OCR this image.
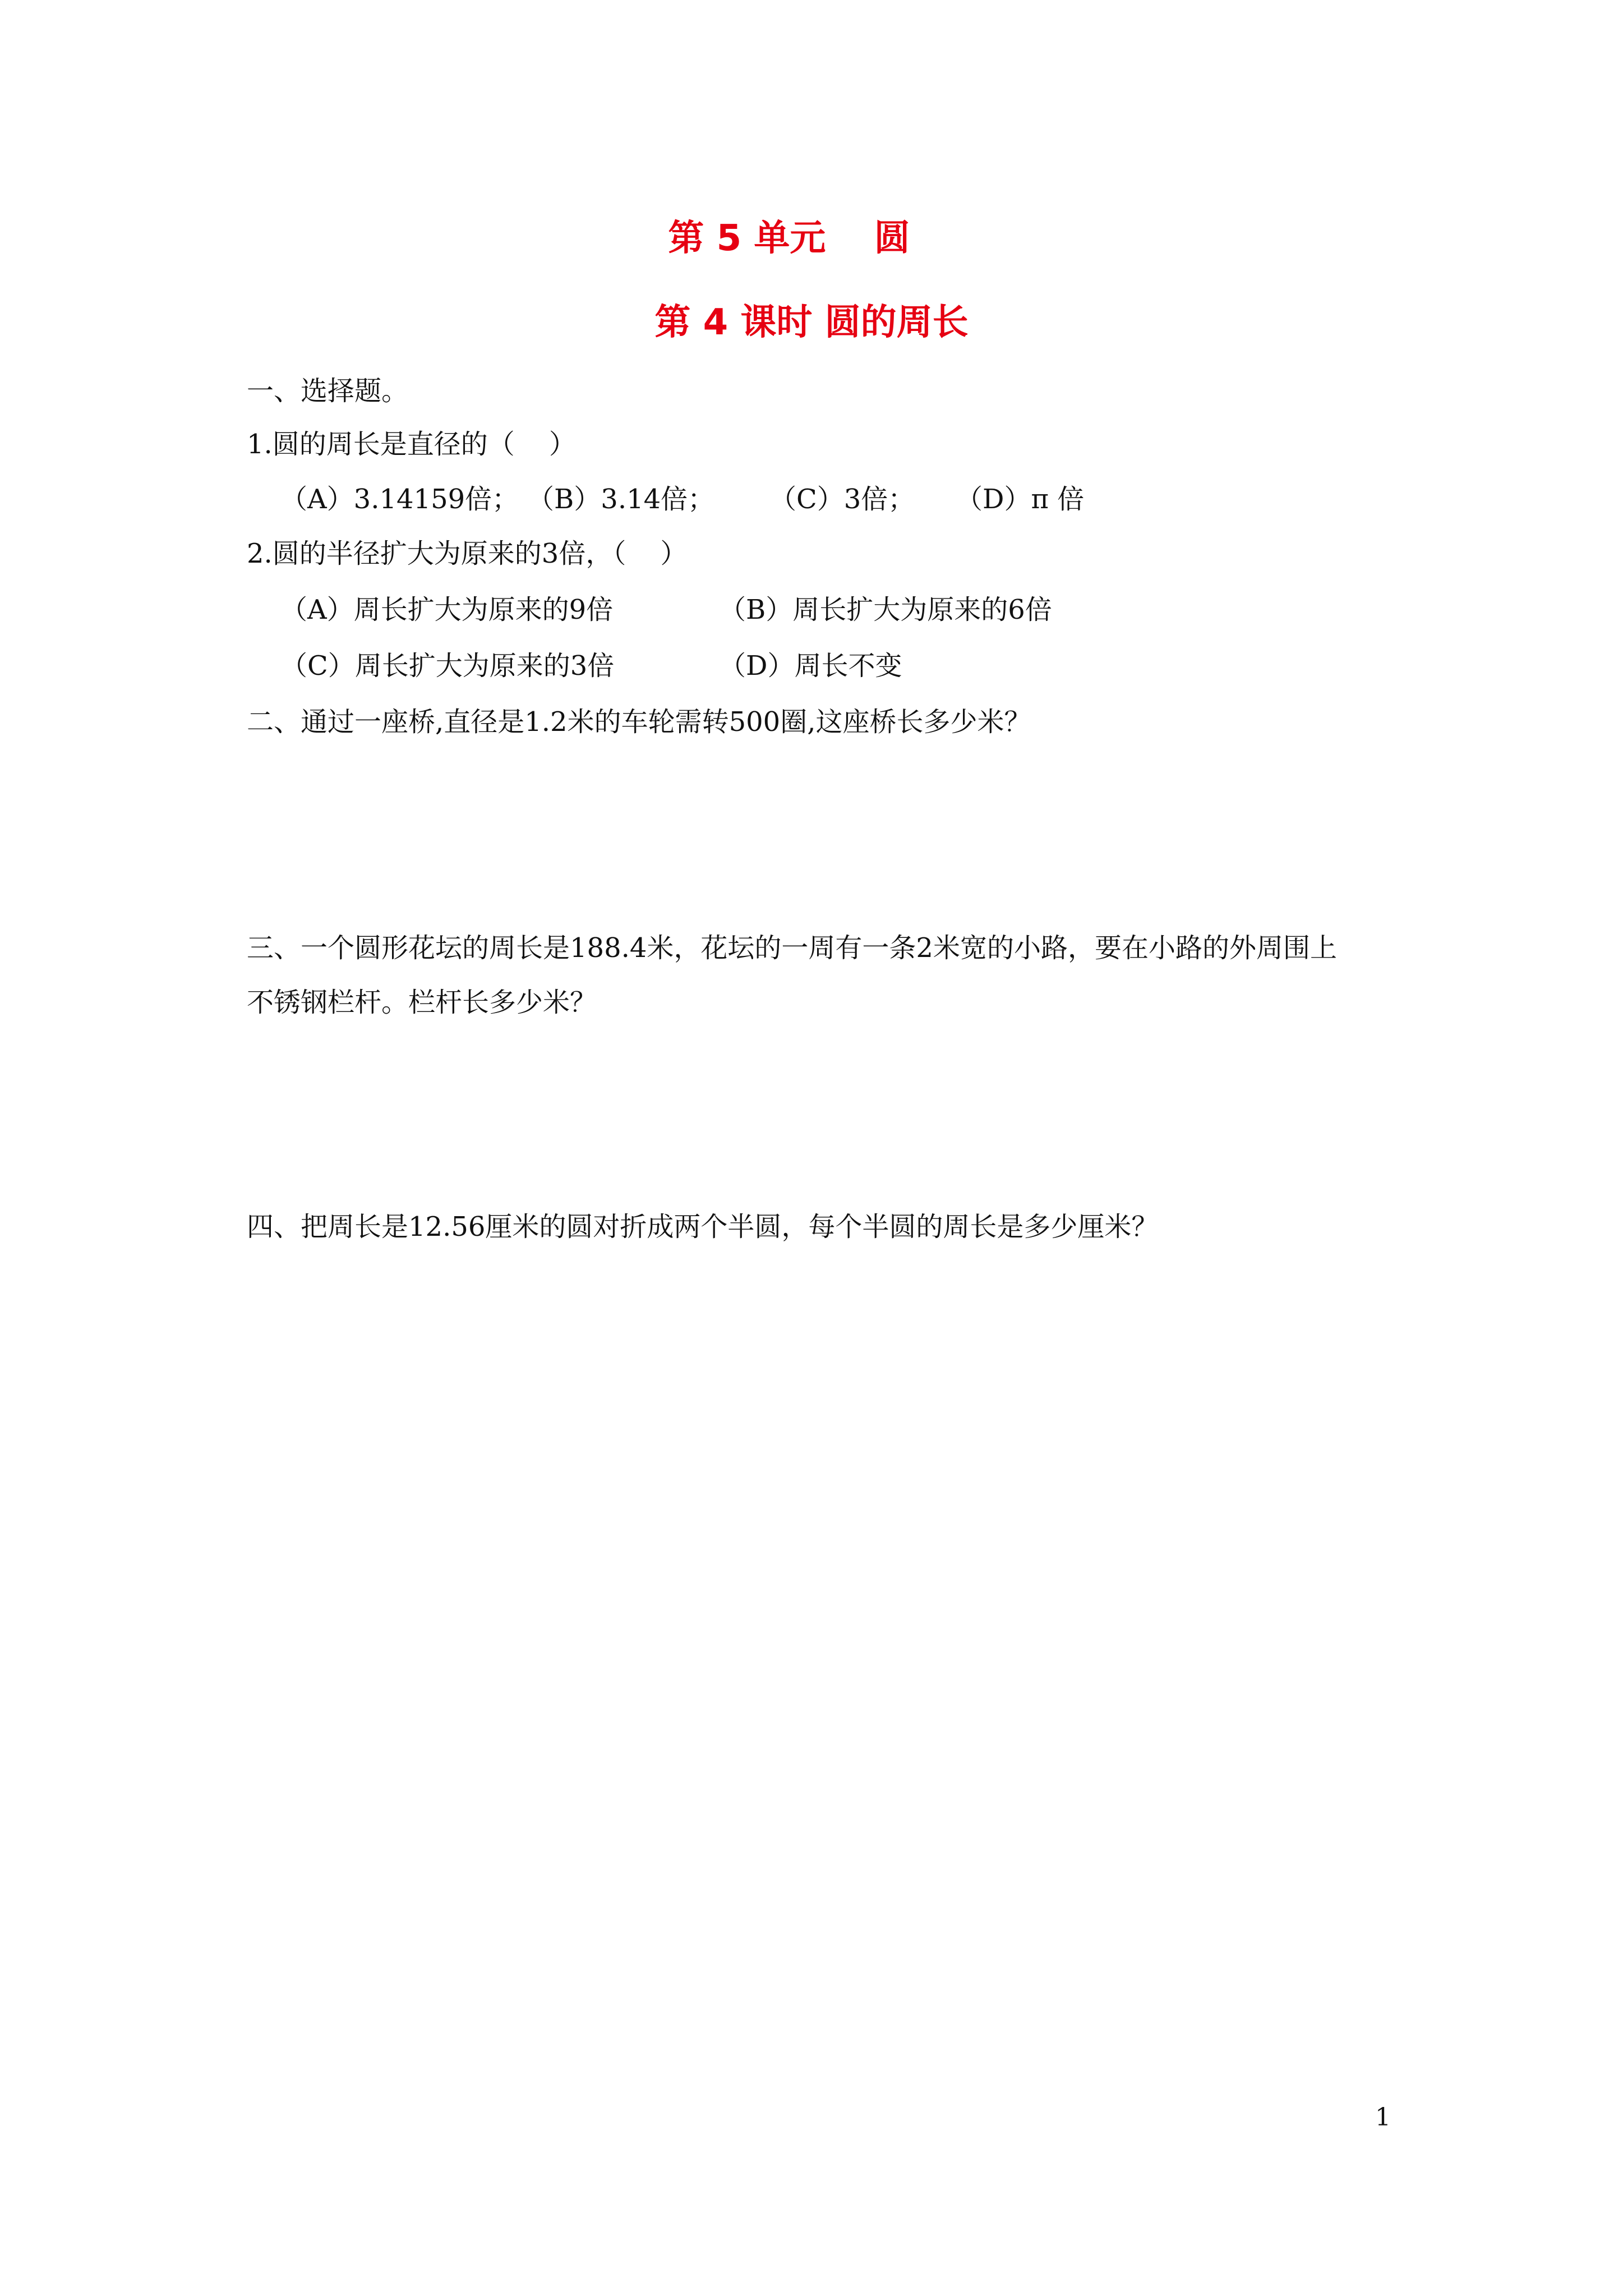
第 5 单元　 圆
第 4 课时 圆的周长
一、选择题。
1.圆的周长是直径的（    ）
（A）3.14159倍； （B）3.14倍； （C）3倍； （D）π 倍
2.圆的半径扩大为原来的3倍，（    ）
（A）周长扩大为原来的9倍	（B）周长扩大为原来的6倍
（C）周长扩大为原来的3倍	（D）周长不变
二、通过一座桥,直径是1.2米的车轮需转500圈,这座桥长多少米？
三、一个圆形花坛的周长是188.4米，花坛的一周有一条2米宽的小路，要在小路的外周围上
不锈钢栏杆。栏杆长多少米？
四、把周长是12.56厘米的圆对折成两个半圆，每个半圆的周长是多少厘米？
1
